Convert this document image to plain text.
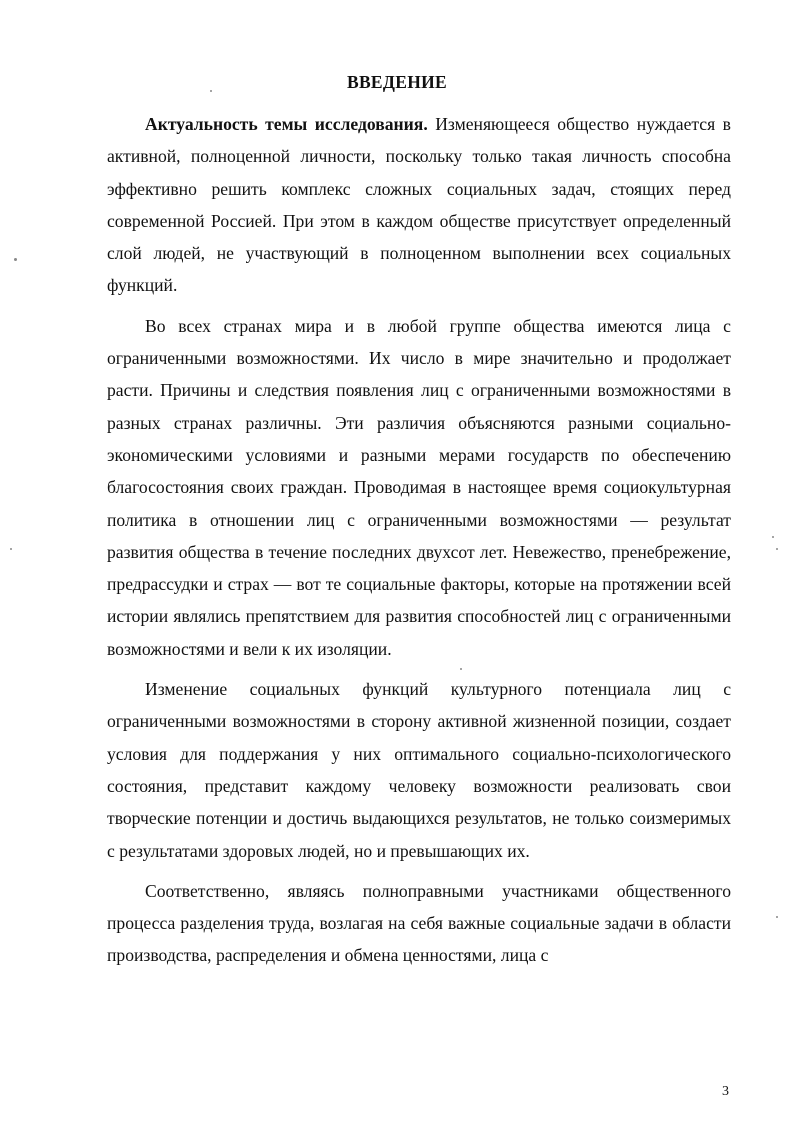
ВВЕДЕНИЕ

Актуальность темы исследования. Изменяющееся общество нуждается в активной, полноценной личности, поскольку только такая личность способна эффективно решить комплекс сложных социальных задач, стоящих перед современной Россией. При этом в каждом обществе присутствует определенный слой людей, не участвующий в полноценном выполнении всех социальных функций.

Во всех странах мира и в любой группе общества имеются лица с ограниченными возможностями. Их число в мире значительно и продолжает расти. Причины и следствия появления лиц с ограниченными возможностями в разных странах различны. Эти различия объясняются разными социально-экономическими условиями и разными мерами государств по обеспечению благосостояния своих граждан. Проводимая в настоящее время социокультурная политика в отношении лиц с ограниченными возможностями — результат развития общества в течение последних двухсот лет. Невежество, пренебрежение, предрассудки и страх — вот те социальные факторы, которые на протяжении всей истории являлись препятствием для развития способностей лиц с ограниченными возможностями и вели к их изоляции.

Изменение социальных функций культурного потенциала лиц с ограниченными возможностями в сторону активной жизненной позиции, создает условия для поддержания у них оптимального социально-психологического состояния, представит каждому человеку возможности реализовать свои творческие потенции и достичь выдающихся результатов, не только соизмеримых с результатами здоровых людей, но и превышающих их.

Соответственно, являясь полноправными участниками общественного процесса разделения труда, возлагая на себя важные социальные задачи в области производства, распределения и обмена ценностями, лица с

3
